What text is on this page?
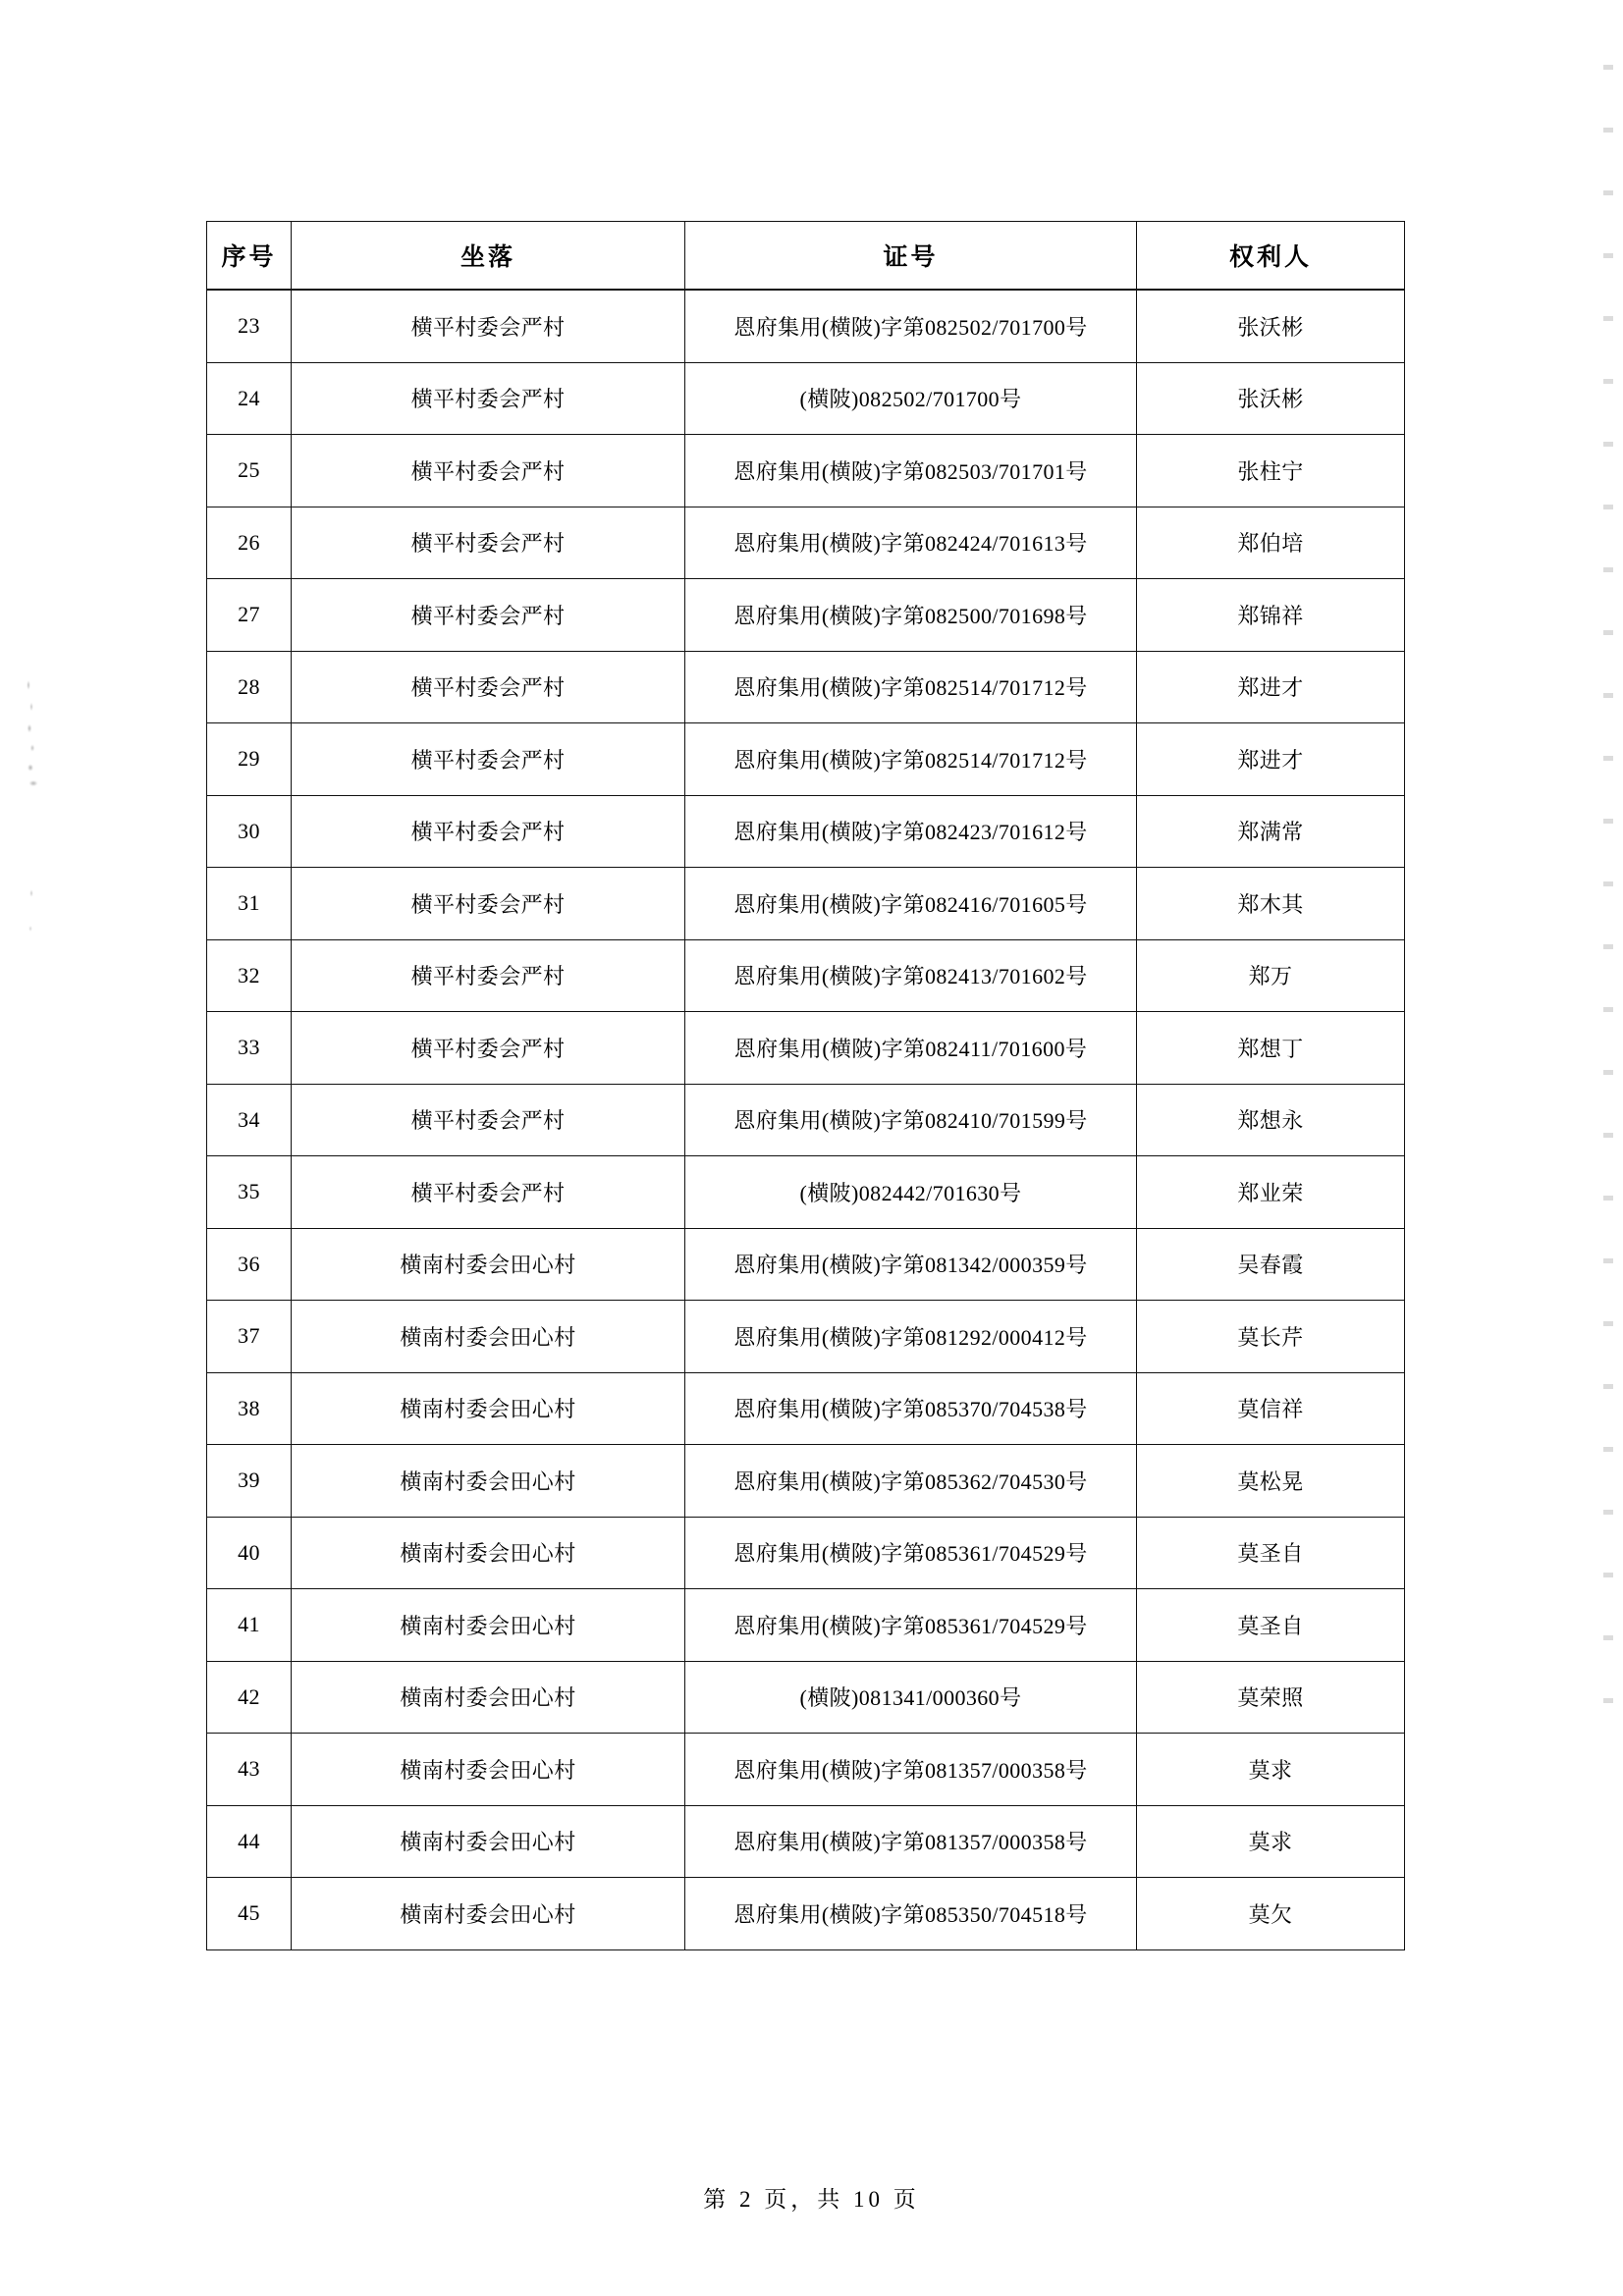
序号	坐落	证号	权利人
23	横平村委会严村	恩府集用(横陂)字第082502/701700号	张沃彬
24	横平村委会严村	(横陂)082502/701700号	张沃彬
25	横平村委会严村	恩府集用(横陂)字第082503/701701号	张柱宁
26	横平村委会严村	恩府集用(横陂)字第082424/701613号	郑伯培
27	横平村委会严村	恩府集用(横陂)字第082500/701698号	郑锦祥
28	横平村委会严村	恩府集用(横陂)字第082514/701712号	郑进才
29	横平村委会严村	恩府集用(横陂)字第082514/701712号	郑进才
30	横平村委会严村	恩府集用(横陂)字第082423/701612号	郑满常
31	横平村委会严村	恩府集用(横陂)字第082416/701605号	郑木其
32	横平村委会严村	恩府集用(横陂)字第082413/701602号	郑万
33	横平村委会严村	恩府集用(横陂)字第082411/701600号	郑想丁
34	横平村委会严村	恩府集用(横陂)字第082410/701599号	郑想永
35	横平村委会严村	(横陂)082442/701630号	郑业荣
36	横南村委会田心村	恩府集用(横陂)字第081342/000359号	吴春霞
37	横南村委会田心村	恩府集用(横陂)字第081292/000412号	莫长芹
38	横南村委会田心村	恩府集用(横陂)字第085370/704538号	莫信祥
39	横南村委会田心村	恩府集用(横陂)字第085362/704530号	莫松晃
40	横南村委会田心村	恩府集用(横陂)字第085361/704529号	莫圣自
41	横南村委会田心村	恩府集用(横陂)字第085361/704529号	莫圣自
42	横南村委会田心村	(横陂)081341/000360号	莫荣照
43	横南村委会田心村	恩府集用(横陂)字第081357/000358号	莫求
44	横南村委会田心村	恩府集用(横陂)字第081357/000358号	莫求
45	横南村委会田心村	恩府集用(横陂)字第085350/704518号	莫欠
第 2 页，共 10 页
